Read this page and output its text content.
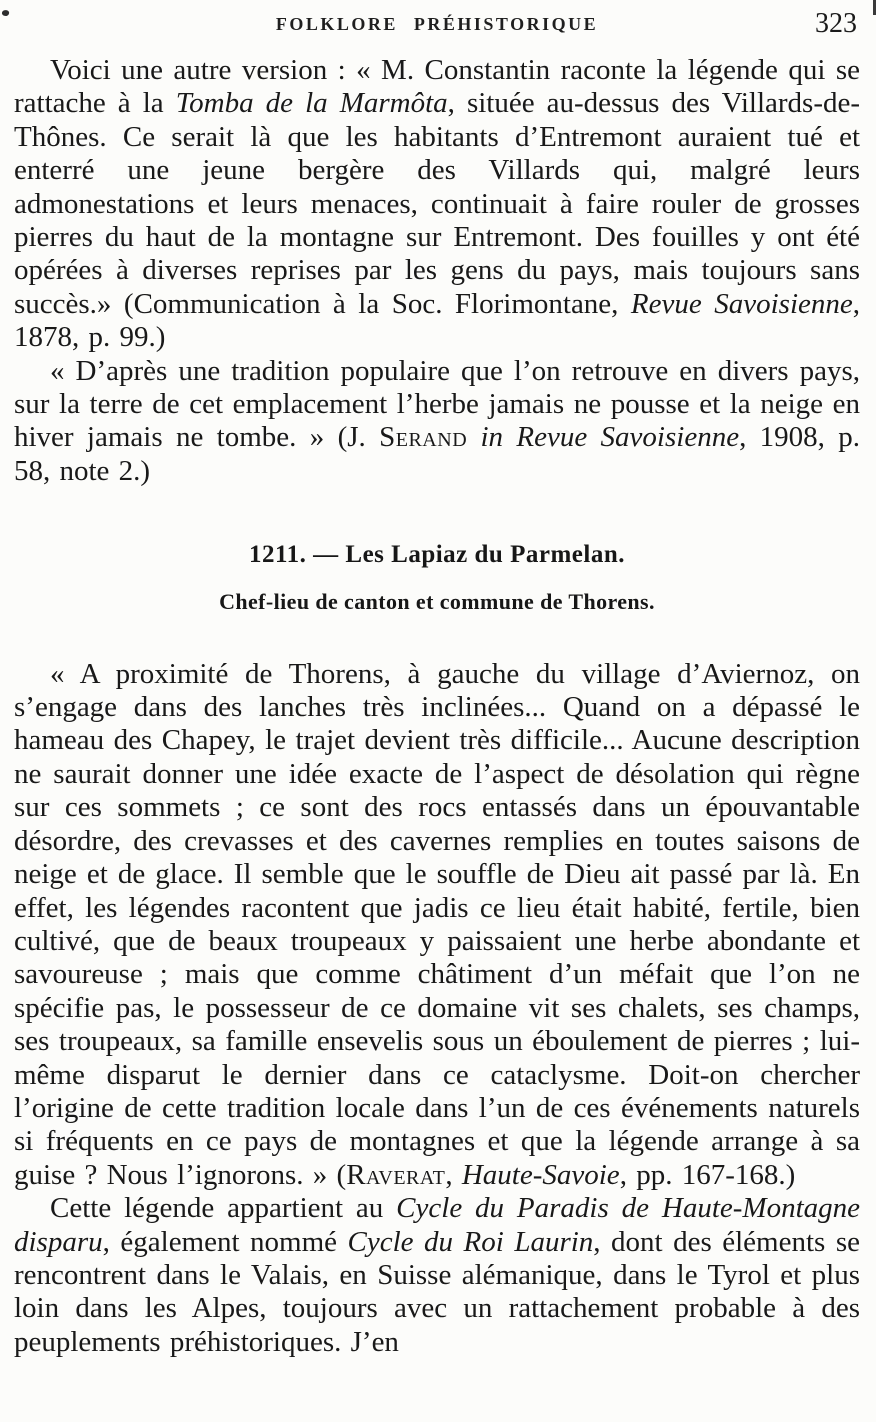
FOLKLORE PRÉHISTORIQUE	323

Voici une autre version : « M. Constantin raconte la légende qui se rattache à la Tomba de la Marmôta, située au-dessus des Villards-de-Thônes. Ce serait là que les habitants d’Entremont auraient tué et enterré une jeune bergère des Villards qui, malgré leurs admonestations et leurs menaces, continuait à faire rouler de grosses pierres du haut de la montagne sur Entremont. Des fouilles y ont été opérées à diverses reprises par les gens du pays, mais toujours sans succès.» (Communication à la Soc. Florimontane, Revue Savoisienne, 1878, p. 99.)

« D’après une tradition populaire que l’on retrouve en divers pays, sur la terre de cet emplacement l’herbe jamais ne pousse et la neige en hiver jamais ne tombe. » (J. Serand in Revue Savoisienne, 1908, p. 58, note 2.)

1211. — Les Lapiaz du Parmelan.
Chef-lieu de canton et commune de Thorens.

« A proximité de Thorens, à gauche du village d’Aviernoz, on s’engage dans des lanches très inclinées... Quand on a dépassé le hameau des Chapey, le trajet devient très difficile... Aucune description ne saurait donner une idée exacte de l’aspect de désolation qui règne sur ces sommets ; ce sont des rocs entassés dans un épouvantable désordre, des crevasses et des cavernes remplies en toutes saisons de neige et de glace. Il semble que le souffle de Dieu ait passé par là. En effet, les légendes racontent que jadis ce lieu était habité, fertile, bien cultivé, que de beaux troupeaux y paissaient une herbe abondante et savoureuse ; mais que comme châtiment d’un méfait que l’on ne spécifie pas, le possesseur de ce domaine vit ses chalets, ses champs, ses troupeaux, sa famille ensevelis sous un éboulement de pierres ; lui-même disparut le dernier dans ce cataclysme. Doit-on chercher l’origine de cette tradition locale dans l’un de ces événements naturels si fréquents en ce pays de montagnes et que la légende arrange à sa guise ? Nous l’ignorons. » (Raverat, Haute-Savoie, pp. 167-168.)

Cette légende appartient au Cycle du Paradis de Haute-Montagne disparu, également nommé Cycle du Roi Laurin, dont des éléments se rencontrent dans le Valais, en Suisse alémanique, dans le Tyrol et plus loin dans les Alpes, toujours avec un rattachement probable à des peuplements préhistoriques. J’en
